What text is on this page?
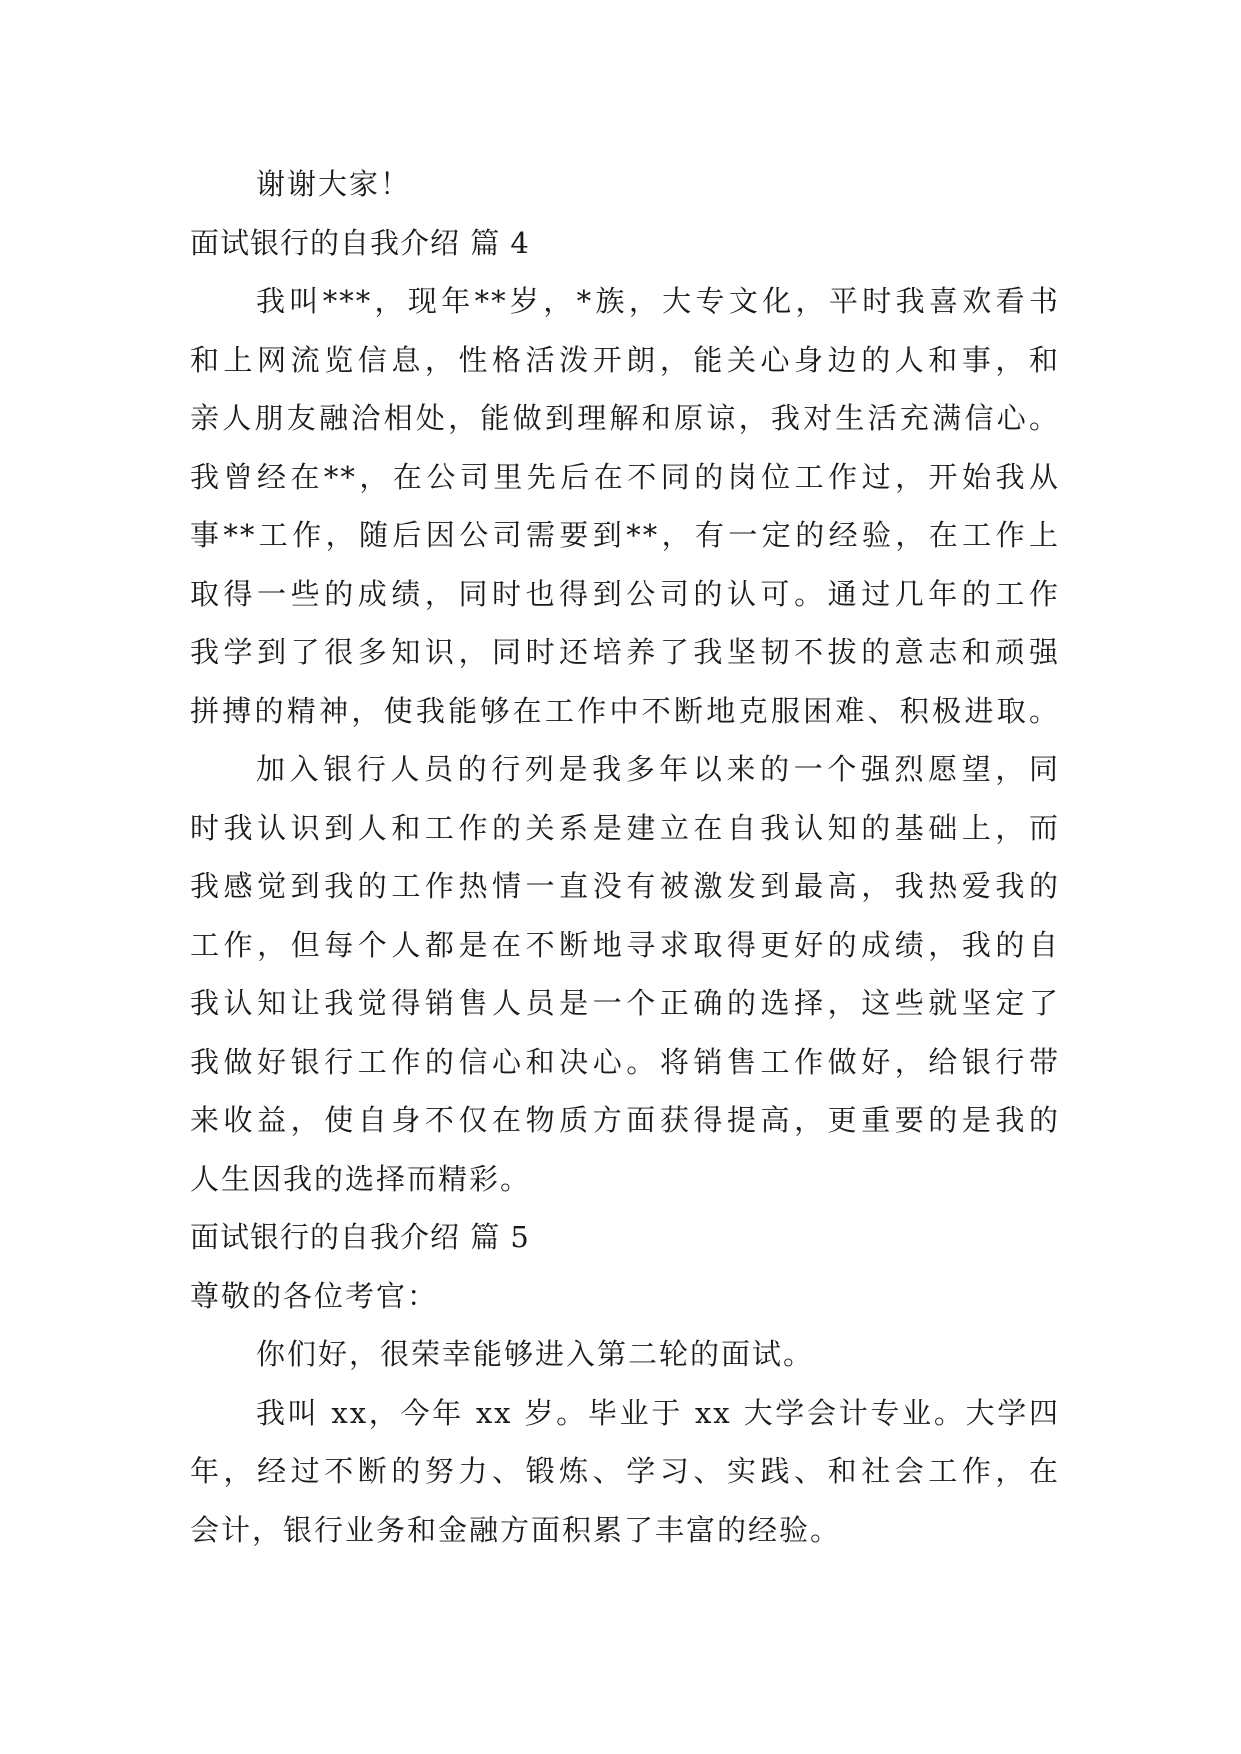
谢谢大家！
面试银行的自我介绍 篇 4
我叫***，现年**岁，*族，大专文化，平时我喜欢看书
和上网流览信息，性格活泼开朗，能关心身边的人和事，和
亲人朋友融洽相处，能做到理解和原谅，我对生活充满信心。
我曾经在**，在公司里先后在不同的岗位工作过，开始我从
事**工作，随后因公司需要到**，有一定的经验，在工作上
取得一些的成绩，同时也得到公司的认可。通过几年的工作
我学到了很多知识，同时还培养了我坚韧不拔的意志和顽强
拼搏的精神，使我能够在工作中不断地克服困难、积极进取。
加入银行人员的行列是我多年以来的一个强烈愿望，同
时我认识到人和工作的关系是建立在自我认知的基础上，而
我感觉到我的工作热情一直没有被激发到最高，我热爱我的
工作，但每个人都是在不断地寻求取得更好的成绩，我的自
我认知让我觉得销售人员是一个正确的选择，这些就坚定了
我做好银行工作的信心和决心。将销售工作做好，给银行带
来收益，使自身不仅在物质方面获得提高，更重要的是我的
人生因我的选择而精彩。
面试银行的自我介绍 篇 5
尊敬的各位考官：
你们好，很荣幸能够进入第二轮的面试。
我叫 xx，今年 xx 岁。毕业于 xx 大学会计专业。大学四
年，经过不断的努力、锻炼、学习、实践、和社会工作，在
会计，银行业务和金融方面积累了丰富的经验。
